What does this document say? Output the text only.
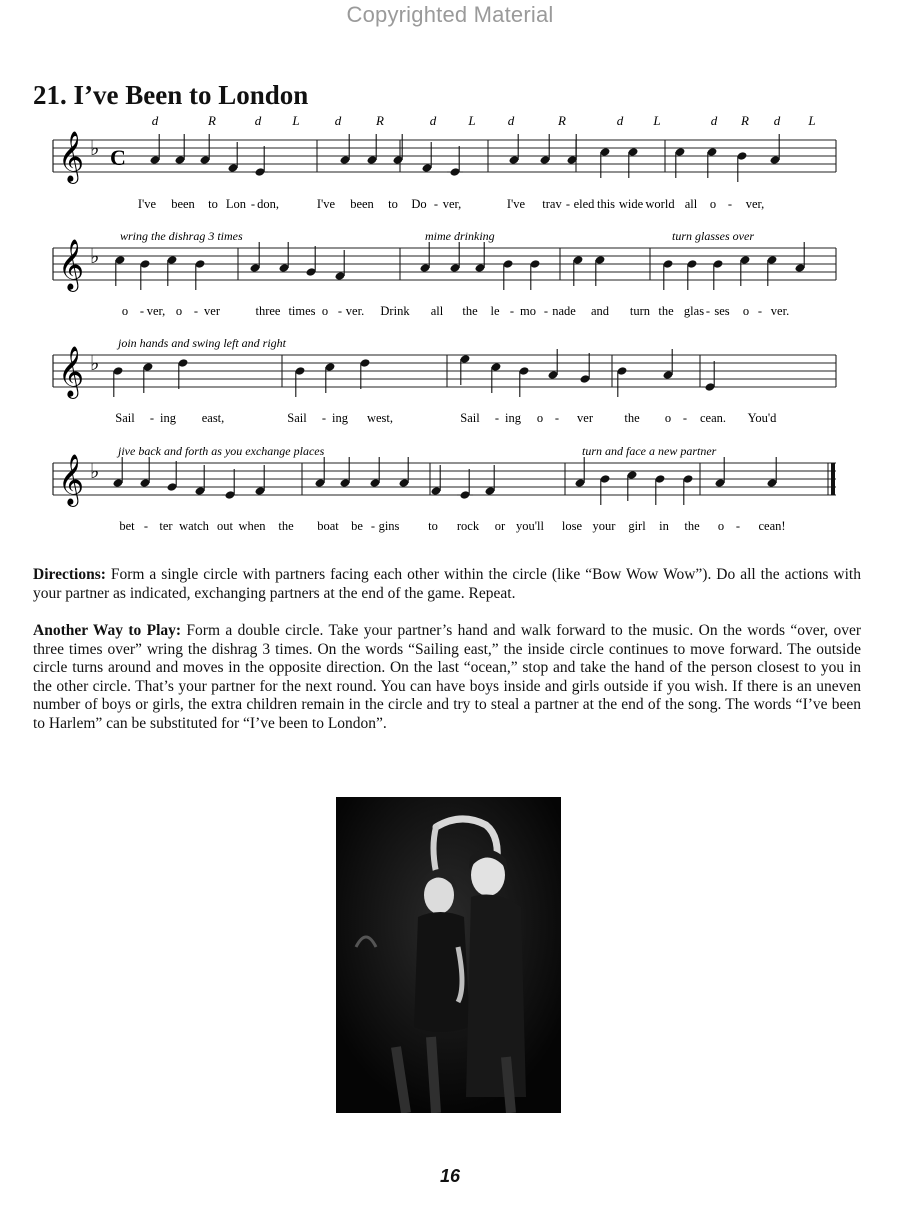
Copyrighted Material
21. I’ve Been to London
d	R	d L	d	R	d L d	R	d L	d R d L
𝄞 ♭ C
I've been to Lon - don,	I've been to Do - ver,	I've trav - eled this wide world all o - ver,
𝄞 ♭
wring the dishrag 3 times	mime drinking	turn glasses over
o - ver, o - ver	three times o - ver. Drink all the le - mo - nade and turn the glas - ses o - ver.
𝄞 ♭
join hands and swing left and right
Sail - ing east,	Sail - ing west,	Sail - ing o - ver	the o - cean. You'd
𝄞 ♭
jive back and forth as you exchange places	turn and face a new partner
bet - ter watch out when the boat be - gins to rock or you'll lose your girl in the o - cean!
Directions: Form a single circle with partners facing each other within the circle (like “Bow Wow Wow”). Do all the actions with your partner as indicated, exchanging partners at the end of the game. Repeat.
Another Way to Play: Form a double circle. Take your partner’s hand and walk forward to the music. On the words “over, over three times over” wring the dishrag 3 times. On the words “Sailing east,” the inside circle continues to move forward. The outside circle turns around and moves in the opposite direction. On the last “ocean,” stop and take the hand of the person closest to you in the other circle. That’s your partner for the next round. You can have boys inside and girls outside if you wish. If there is an uneven number of boys or girls, the extra children remain in the circle and try to steal a partner at the end of the song. The words “I’ve been to Harlem” can be substituted for “I’ve been to London”.
16
